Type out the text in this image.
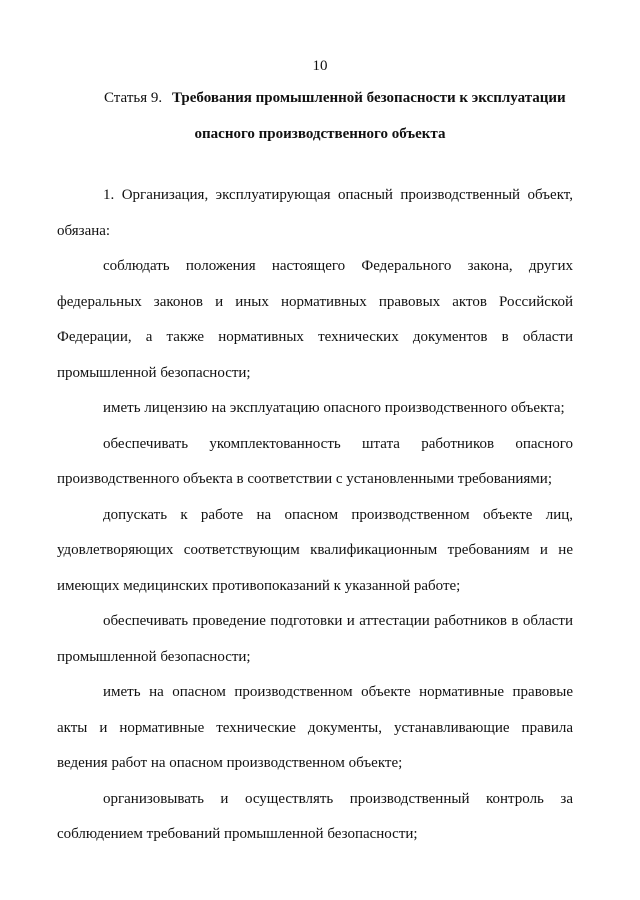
10
Статья 9. Требования промышленной безопасности к эксплуатации
опасного производственного объекта

1. Организация, эксплуатирующая опасный производственный объект, обязана:

соблюдать положения настоящего Федерального закона, других федеральных законов и иных нормативных правовых актов Российской Федерации, а также нормативных технических документов в области промышленной безопасности;

иметь лицензию на эксплуатацию опасного производственного объекта;

обеспечивать укомплектованность штата работников опасного производственного объекта в соответствии с установленными требованиями;

допускать к работе на опасном производственном объекте лиц, удовлетворяющих соответствующим квалификационным требованиям и не имеющих медицинских противопоказаний к указанной работе;

обеспечивать проведение подготовки и аттестации работников в области промышленной безопасности;

иметь на опасном производственном объекте нормативные правовые акты и нормативные технические документы, устанавливающие правила ведения работ на опасном производственном объекте;

организовывать и осуществлять производственный контроль за соблюдением требований промышленной безопасности;
